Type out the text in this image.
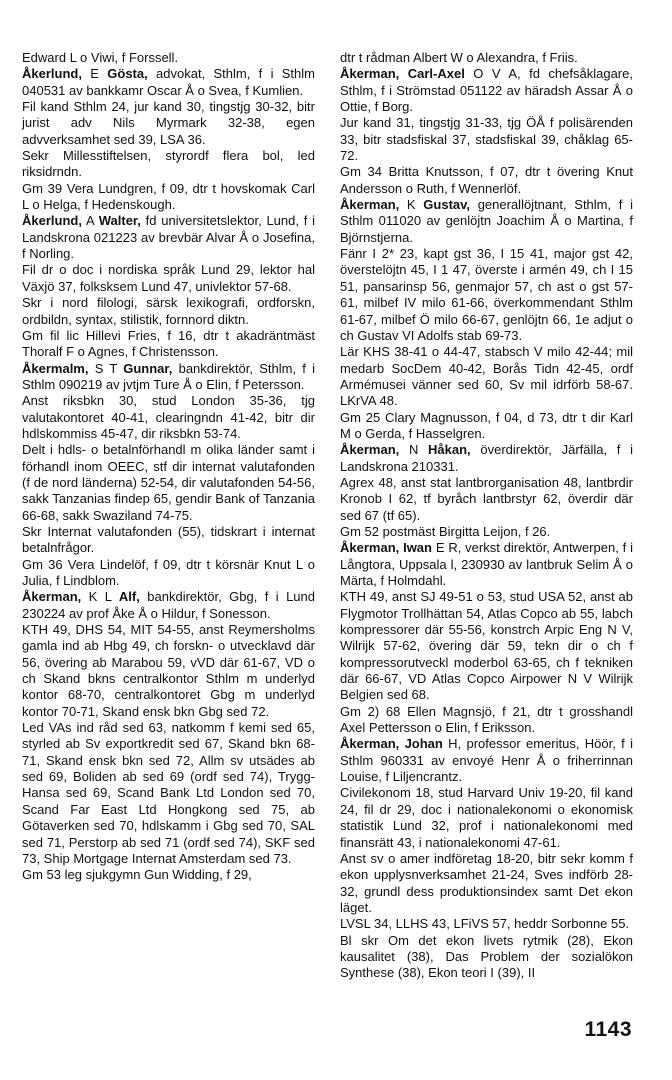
Edward L o Viwi, f Forssell.

Åkerlund, E Gösta, advokat, Sthlm, f i Sthlm 040531 av bankkamr Oscar Å o Svea, f Kumlien.

Fil kand Sthlm 24, jur kand 30, tingstjg 30-32, bitr jurist adv Nils Myrmark 32-38, egen advverksamhet sed 39, LSA 36.

Sekr Millesstiftelsen, styrordf flera bol, led riksidrndn.

Gm 39 Vera Lundgren, f 09, dtr t hovskomak Carl L o Helga, f Hedenskough.

Åkerlund, A Walter, fd universitetslektor, Lund, f i Landskrona 021223 av brevbär Alvar Å o Josefina, f Norling.

Fil dr o doc i nordiska språk Lund 29, lektor hal Växjö 37, folksksem Lund 47, univlektor 57-68.

Skr i nord filologi, särsk lexikografi, ordforskn, ordbildn, syntax, stilistik, fornnord diktn.

Gm fil lic Hillevi Fries, f 16, dtr t akadräntmäst Thoralf F o Agnes, f Christensson.

Åkermalm, S T Gunnar, bankdirektör, Sthlm, f i Sthlm 090219 av jvtjm Ture Å o Elin, f Petersson.

Anst riksbkn 30, stud London 35-36, tjg valutakontoret 40-41, clearingndn 41-42, bitr dir hdlskommiss 45-47, dir riksbkn 53-74.

Delt i hdls- o betalnförhandl m olika länder samt i förhandl inom OEEC, stf dir internat valutafonden (f de nord länderna) 52-54, dir valutafonden 54-56, sakk Tanzanias findep 65, gendir Bank of Tanzania 66-68, sakk Swaziland 74-75.

Skr Internat valutafonden (55), tidskrart i internat betalnfrågor.

Gm 36 Vera Lindelöf, f 09, dtr t körsnär Knut L o Julia, f Lindblom.

Åkerman, K L Alf, bankdirektör, Gbg, f i Lund 230224 av prof Åke Å o Hildur, f Sonesson.

KTH 49, DHS 54, MIT 54-55, anst Reymersholms gamla ind ab Hbg 49, ch forskn- o utvecklavd där 56, övering ab Marabou 59, vVD där 61-67, VD o ch Skand bkns centralkontor Sthlm m underlyd kontor 68-70, centralkontoret Gbg m underlyd kontor 70-71, Skand ensk bkn Gbg sed 72.

Led VAs ind råd sed 63, natkomm f kemi sed 65, styrled ab Sv exportkredit sed 67, Skand bkn 68-71, Skand ensk bkn sed 72, Allm sv utsädes ab sed 69, Boliden ab sed 69 (ordf sed 74), Trygg-Hansa sed 69, Scand Bank Ltd London sed 70, Scand Far East Ltd Hongkong sed 75, ab Götaverken sed 70, hdlskamm i Gbg sed 70, SAL sed 71, Perstorp ab sed 71 (ordf sed 74), SKF sed 73, Ship Mortgage Internat Amsterdam sed 73.

Gm 53 leg sjukgymn Gun Widding, f 29,

dtr t rådman Albert W o Alexandra, f Friis.

Åkerman, Carl-Axel O V A, fd chefsåklagare, Sthlm, f i Strömstad 051122 av häradsh Assar Å o Ottie, f Borg.

Jur kand 31, tingstjg 31-33, tjg ÖÅ f polisärenden 33, bitr stadsfiskal 37, stadsfiskal 39, chåklag 65-72.

Gm 34 Britta Knutsson, f 07, dtr t övering Knut Andersson o Ruth, f Wennerlöf.

Åkerman, K Gustav, generallöjtnant, Sthlm, f i Sthlm 011020 av genlöjtn Joachim Å o Martina, f Björnstjerna.

Fänr I 2* 23, kapt gst 36, I 15 41, major gst 42, överstelöjtn 45, I 1 47, överste i armén 49, ch I 15 51, pansarinsp 56, genmajor 57, ch ast o gst 57-61, milbef IV milo 61-66, överkommendant Sthlm 61-67, milbef Ö milo 66-67, genlöjtn 66, 1e adjut o ch Gustav VI Adolfs stab 69-73.

Lär KHS 38-41 o 44-47, stabsch V milo 42-44; mil medarb SocDem 40-42, Borås Tidn 42-45, ordf Armémusei vänner sed 60, Sv mil idrförb 58-67. LKrVA 48.

Gm 25 Clary Magnusson, f 04, d 73, dtr t dir Karl M o Gerda, f Hasselgren.

Åkerman, N Håkan, överdirektör, Järfälla, f i Landskrona 210331.

Agrex 48, anst stat lantbrorganisation 48, lantbrdir Kronob I 62, tf byråch lantbrstyr 62, överdir där sed 67 (tf 65).

Gm 52 postmäst Birgitta Leijon, f 26.

Åkerman, Iwan E R, verkst direktör, Antwerpen, f i Långtora, Uppsala l, 230930 av lantbruk Selim Å o Märta, f Holmdahl.

KTH 49, anst SJ 49-51 o 53, stud USA 52, anst ab Flygmotor Trollhättan 54, Atlas Copco ab 55, labch kompressorer där 55-56, konstrch Arpic Eng N V, Wilrijk 57-62, övering där 59, tekn dir o ch f kompressorutveckl moderbol 63-65, ch f tekniken där 66-67, VD Atlas Copco Airpower N V Wilrijk Belgien sed 68.

Gm 2) 68 Ellen Magnsjö, f 21, dtr t grosshandl Axel Pettersson o Elin, f Eriksson.

Åkerman, Johan H, professor emeritus, Höör, f i Sthlm 960331 av envoyé Henr Å o friherrinnan Louise, f Liljencrantz.

Civilekonom 18, stud Harvard Univ 19-20, fil kand 24, fil dr 29, doc i nationalekonomi o ekonomisk statistik Lund 32, prof i nationalekonomi med finansrätt 43, i nationalekonomi 47-61.

Anst sv o amer indföretag 18-20, bitr sekr komm f ekon upplysnverksamhet 21-24, Sves indförb 28-32, grundl dess produktionsindex samt Det ekon läget.

LVSL 34, LLHS 43, LFiVS 57, heddr Sorbonne 55.

Bl skr Om det ekon livets rytmik (28), Ekon kausalitet (38), Das Problem der sozialökon Synthese (38), Ekon teori I (39), II

1143
